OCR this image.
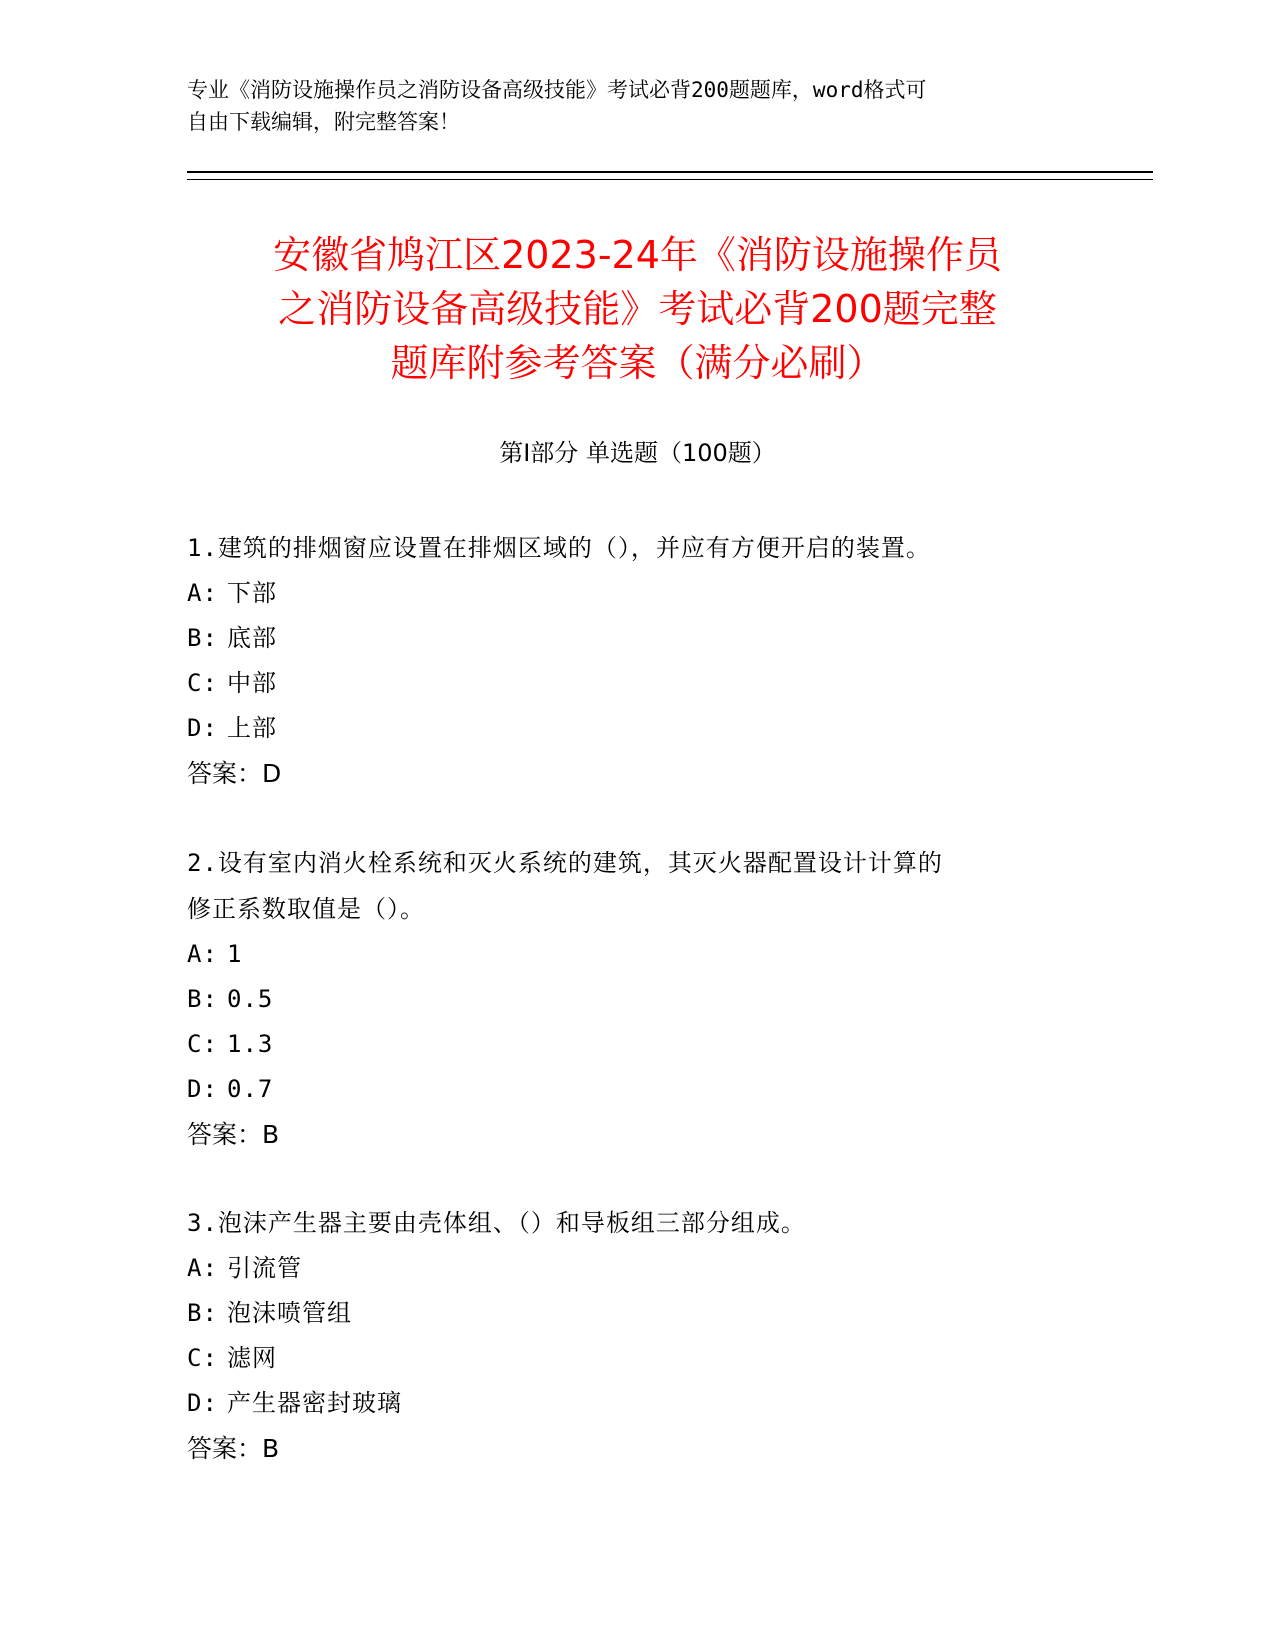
专业《消防设施操作员之消防设备高级技能》考试必背200题题库，word格式可
自由下载编辑，附完整答案！
安徽省鸠江区2023-24年《消防设施操作员
之消防设备高级技能》考试必背200题完整
题库附参考答案（满分必刷）
第Ⅰ部分 单选题（100题）
1.建筑的排烟窗应设置在排烟区域的（），并应有方便开启的装置。
A: 下部
B: 底部
C: 中部
D: 上部
答案：D
2.设有室内消火栓系统和灭火系统的建筑，其灭火器配置设计计算的
修正系数取值是（）。
A: 1
B: 0.5
C: 1.3
D: 0.7
答案：B
3.泡沫产生器主要由壳体组、（）和导板组三部分组成。
A: 引流管
B: 泡沫喷管组
C: 滤网
D: 产生器密封玻璃
答案：B
